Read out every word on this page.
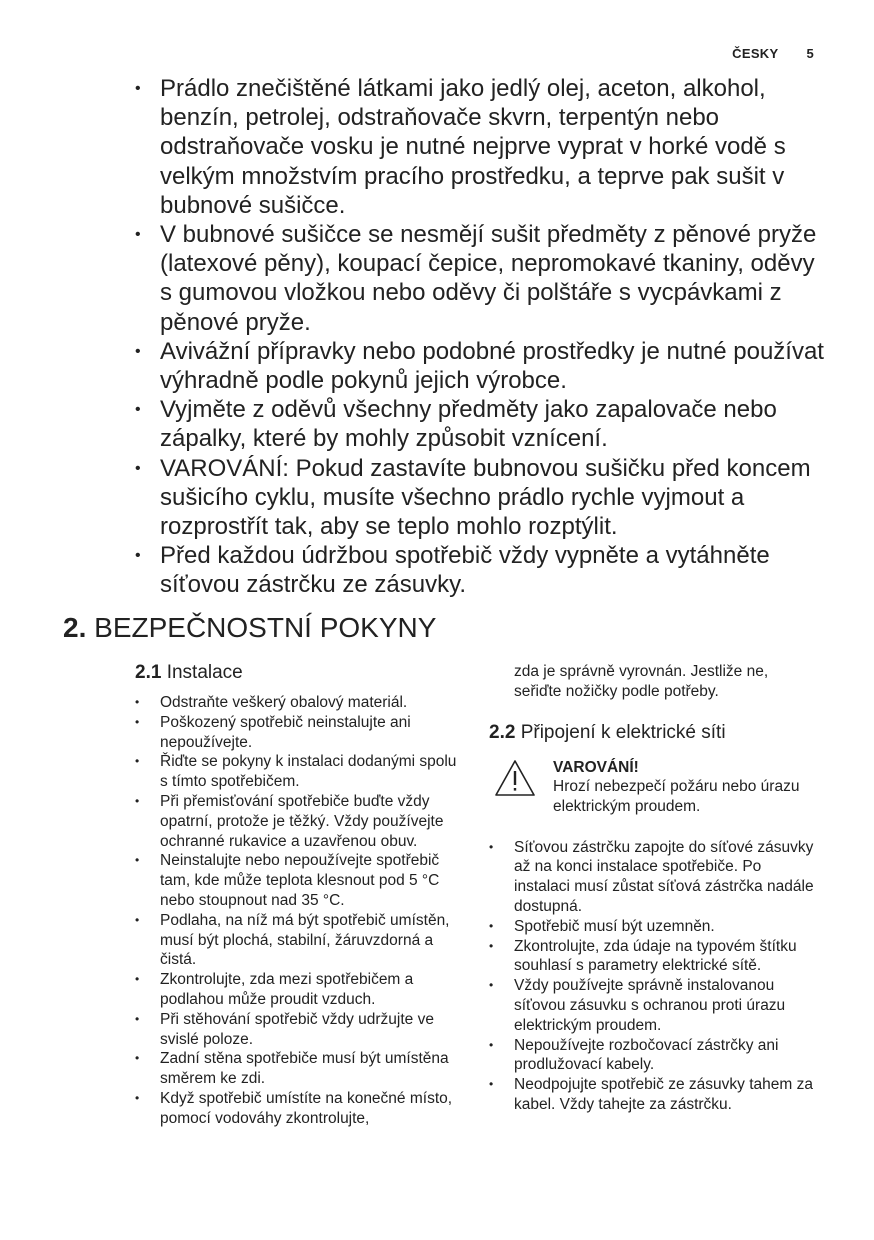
ČESKY 5
• Prádlo znečištěné látkami jako jedlý olej, aceton, alkohol, benzín, petrolej, odstraňovače skvrn, terpentýn nebo odstraňovače vosku je nutné nejprve vyprat v horké vodě s velkým množstvím pracího prostředku, a teprve pak sušit v bubnové sušičce.
• V bubnové sušičce se nesmějí sušit předměty z pěnové pryže (latexové pěny), koupací čepice, nepromokavé tkaniny, oděvy s gumovou vložkou nebo oděvy či polštáře s vycpávkami z pěnové pryže.
• Avivážní přípravky nebo podobné prostředky je nutné používat výhradně podle pokynů jejich výrobce.
• Vyjměte z oděvů všechny předměty jako zapalovače nebo zápalky, které by mohly způsobit vznícení.
• VAROVÁNÍ: Pokud zastavíte bubnovou sušičku před koncem sušicího cyklu, musíte všechno prádlo rychle vyjmout a rozprostřít tak, aby se teplo mohlo rozptýlit.
• Před každou údržbou spotřebič vždy vypněte a vytáhněte síťovou zástrčku ze zásuvky.
2. BEZPEČNOSTNÍ POKYNY
2.1 Instalace
• Odstraňte veškerý obalový materiál.
• Poškozený spotřebič neinstalujte ani nepoužívejte.
• Řiďte se pokyny k instalaci dodanými spolu s tímto spotřebičem.
• Při přemisťování spotřebiče buďte vždy opatrní, protože je těžký. Vždy používejte ochranné rukavice a uzavřenou obuv.
• Neinstalujte nebo nepoužívejte spotřebič tam, kde může teplota klesnout pod 5 °C nebo stoupnout nad 35 °C.
• Podlaha, na níž má být spotřebič umístěn, musí být plochá, stabilní, žáruvzdorná a čistá.
• Zkontrolujte, zda mezi spotřebičem a podlahou může proudit vzduch.
• Při stěhování spotřebič vždy udržujte ve svislé poloze.
• Zadní stěna spotřebiče musí být umístěna směrem ke zdi.
• Když spotřebič umístíte na konečné místo, pomocí vodováhy zkontrolujte,
zda je správně vyrovnán. Jestliže ne, seřiďte nožičky podle potřeby.
2.2 Připojení k elektrické síti
VAROVÁNÍ!
Hrozí nebezpečí požáru nebo úrazu elektrickým proudem.
• Síťovou zástrčku zapojte do síťové zásuvky až na konci instalace spotřebiče. Po instalaci musí zůstat síťová zástrčka nadále dostupná.
• Spotřebič musí být uzemněn.
• Zkontrolujte, zda údaje na typovém štítku souhlasí s parametry elektrické sítě.
• Vždy používejte správně instalovanou síťovou zásuvku s ochranou proti úrazu elektrickým proudem.
• Nepoužívejte rozbočovací zástrčky ani prodlužovací kabely.
• Neodpojujte spotřebič ze zásuvky tahem za kabel. Vždy tahejte za zástrčku.
